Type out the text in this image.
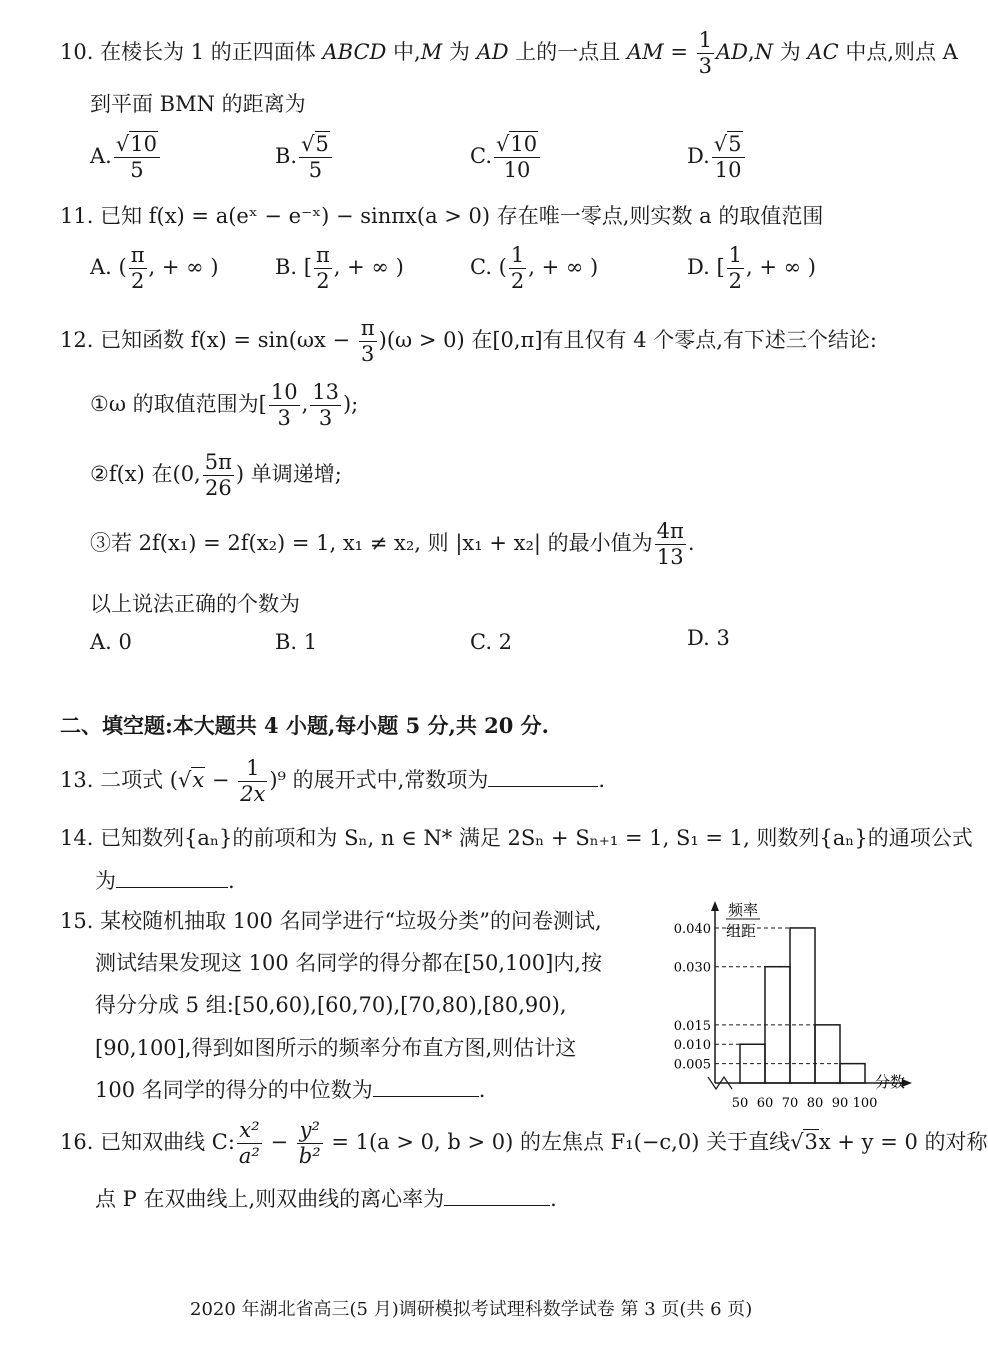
10. 在棱长为 1 的正四面体 ABCD 中,M 为 AD 上的一点且 AM = $\frac{1}{3} AD,N$ 为 AC 中点,则点 A
到平面 BMN 的距离为
A. $\frac{√10}{5}$	B. $\frac{√5}{5}$	C. $\frac{√10}{10}$	D. $\frac{√5}{10}$
11. 已知 f(x) = a(eˣ − e⁻ˣ) − sinπx(a > 0) 存在唯一零点,则实数 a 的取值范围
A. ( $\frac{\pi}{2}$ , + ∞ )	B. [ $\frac{\pi}{2}$ , + ∞ )	C. ( $\frac{1}{2}$ , + ∞ )	D. [ $\frac{1}{2}$ , + ∞ )
12. 已知函数 $f(x) = \sin(\omega x - \frac{\pi}{3} )(\omega > 0)$ 在[0,π]有且仅有 4 个零点,有下述三个结论:
①ω 的取值范围为[ $\frac{10}{3}$ , $\frac{13}{3}$ );
②f(x) 在(0, $\frac{5\pi}{26}$ ) 单调递增;
③若 2f(x₁) = 2f(x₂) = 1, x₁ ≠ x₂, 则 |x₁ + x₂| 的最小值为 $\frac{4\pi}{13}$ .
以上说法正确的个数为
A. 0	B. 1	C. 2	D. 3
二、填空题:本大题共 4 小题,每小题 5 分,共 20 分.
13. 二项式 $(√x - \frac{1}{2x} )^9$ 的展开式中,常数项为	.
14. 已知数列{aₙ}的前项和为 Sₙ, n ∈ N* 满足 2Sₙ + Sₙ₊₁ = 1, S₁ = 1, 则数列{aₙ}的通项公式
为	.
15. 某校随机抽取 100 名同学进行“垃圾分类”的问卷测试,
测试结果发现这 100 名同学的得分都在[50,100]内,按
得分分成 5 组:[50,60),[60,70),[70,80),[80,90),
[90,100],得到如图所示的频率分布直方图,则估计这
100 名同学的得分的中位数为	.
频率
组距
分数
0.040
0.030
0.015
0.010
0.005
50 60 70 80 90 100
16. 已知双曲线 C: $\frac{\text{x²}}{\text{a²}} - \frac{\text{y²}}{\text{b²}} = 1(a > 0$, b > 0) 的左焦点 F₁(−c,0) 关于直线√3x + y = 0 的对称
点 P 在双曲线上,则双曲线的离心率为	.
2020 年湖北省高三(5 月)调研模拟考试理科数学试卷 第 3 页(共 6 页)
